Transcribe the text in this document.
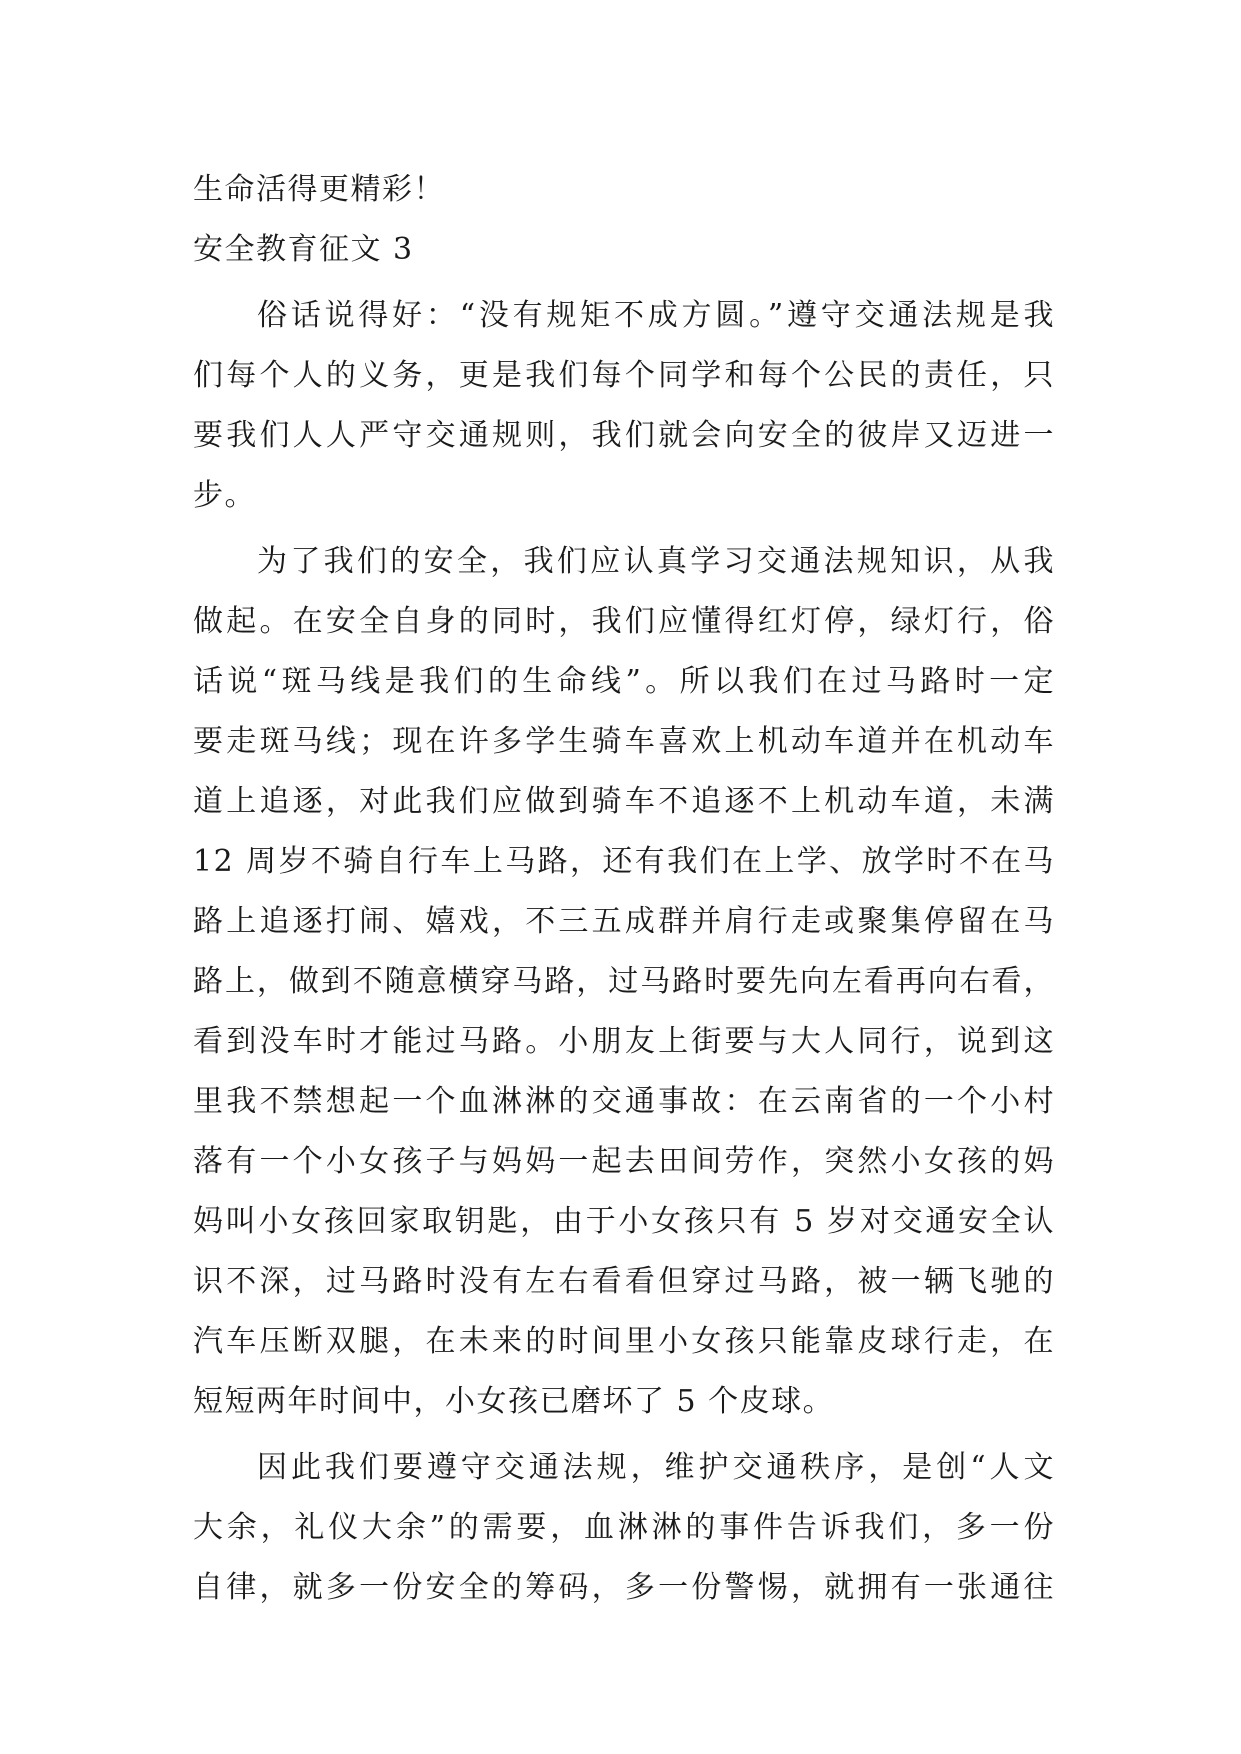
生命活得更精彩！
安全教育征文 3
俗话说得好：“没有规矩不成方圆。”遵守交通法规是我
们每个人的义务，更是我们每个同学和每个公民的责任，只
要我们人人严守交通规则，我们就会向安全的彼岸又迈进一
步。
为了我们的安全，我们应认真学习交通法规知识，从我
做起。在安全自身的同时，我们应懂得红灯停，绿灯行，俗
话说“斑马线是我们的生命线”。所以我们在过马路时一定
要走斑马线；现在许多学生骑车喜欢上机动车道并在机动车
道上追逐，对此我们应做到骑车不追逐不上机动车道，未满
12 周岁不骑自行车上马路，还有我们在上学、放学时不在马
路上追逐打闹、嬉戏，不三五成群并肩行走或聚集停留在马
路上，做到不随意横穿马路，过马路时要先向左看再向右看，
看到没车时才能过马路。小朋友上街要与大人同行，说到这
里我不禁想起一个血淋淋的交通事故：在云南省的一个小村
落有一个小女孩子与妈妈一起去田间劳作，突然小女孩的妈
妈叫小女孩回家取钥匙，由于小女孩只有 5 岁对交通安全认
识不深，过马路时没有左右看看但穿过马路，被一辆飞驰的
汽车压断双腿，在未来的时间里小女孩只能靠皮球行走，在
短短两年时间中，小女孩已磨坏了 5 个皮球。
因此我们要遵守交通法规，维护交通秩序，是创“人文
大余，礼仪大余”的需要，血淋淋的事件告诉我们，多一份
自律，就多一份安全的筹码，多一份警惕，就拥有一张通往
